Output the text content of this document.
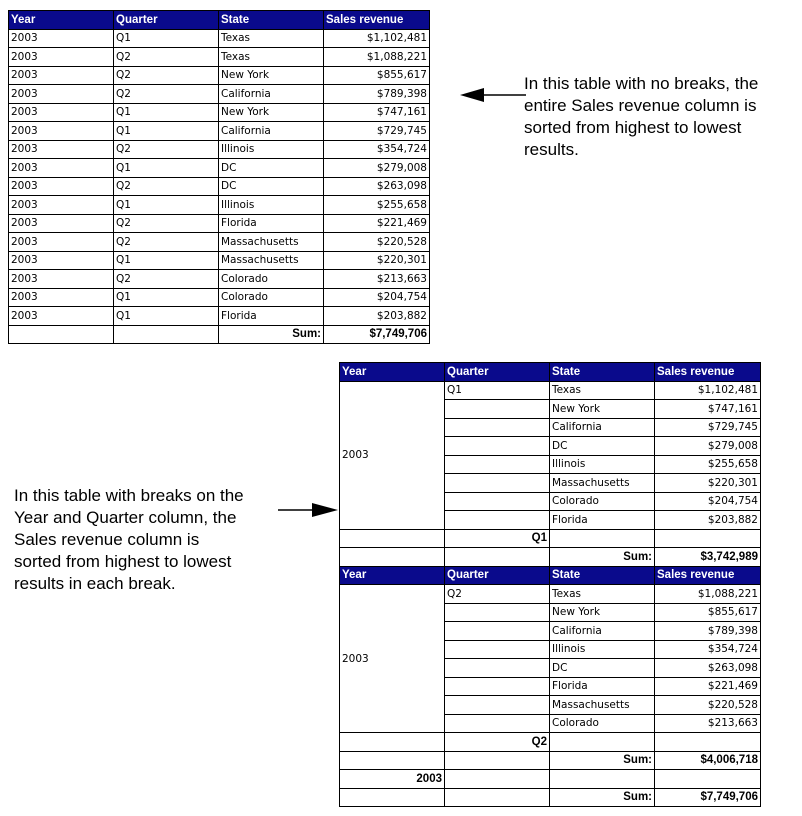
Year	Quarter	State	Sales revenue
2003	Q1	Texas	$1,102,481
2003	Q2	Texas	$1,088,221
2003	Q2	New York	$855,617
2003	Q2	California	$789,398
2003	Q1	New York	$747,161
2003	Q1	California	$729,745
2003	Q2	Illinois	$354,724
2003	Q1	DC	$279,008
2003	Q2	DC	$263,098
2003	Q1	Illinois	$255,658
2003	Q2	Florida	$221,469
2003	Q2	Massachusetts	$220,528
2003	Q1	Massachusetts	$220,301
2003	Q2	Colorado	$213,663
2003	Q1	Colorado	$204,754
2003	Q1	Florida	$203,882
		Sum:	$7,749,706
In this table with no breaks, the
entire Sales revenue column is
sorted from highest to lowest
results.
Year	Quarter	State	Sales revenue
2003	Q1	Texas	$1,102,481
		New York	$747,161
		California	$729,745
		DC	$279,008
		Illinois	$255,658
		Massachusetts	$220,301
		Colorado	$204,754
		Florida	$203,882
	Q1		
		Sum:	$3,742,989
Year	Quarter	State	Sales revenue
2003	Q2	Texas	$1,088,221
		New York	$855,617
		California	$789,398
		Illinois	$354,724
		DC	$263,098
		Florida	$221,469
		Massachusetts	$220,528
		Colorado	$213,663
	Q2		
		Sum:	$4,006,718
2003			
		Sum:	$7,749,706
In this table with breaks on the
Year and Quarter column, the
Sales revenue column is
sorted from highest to lowest
results in each break.
